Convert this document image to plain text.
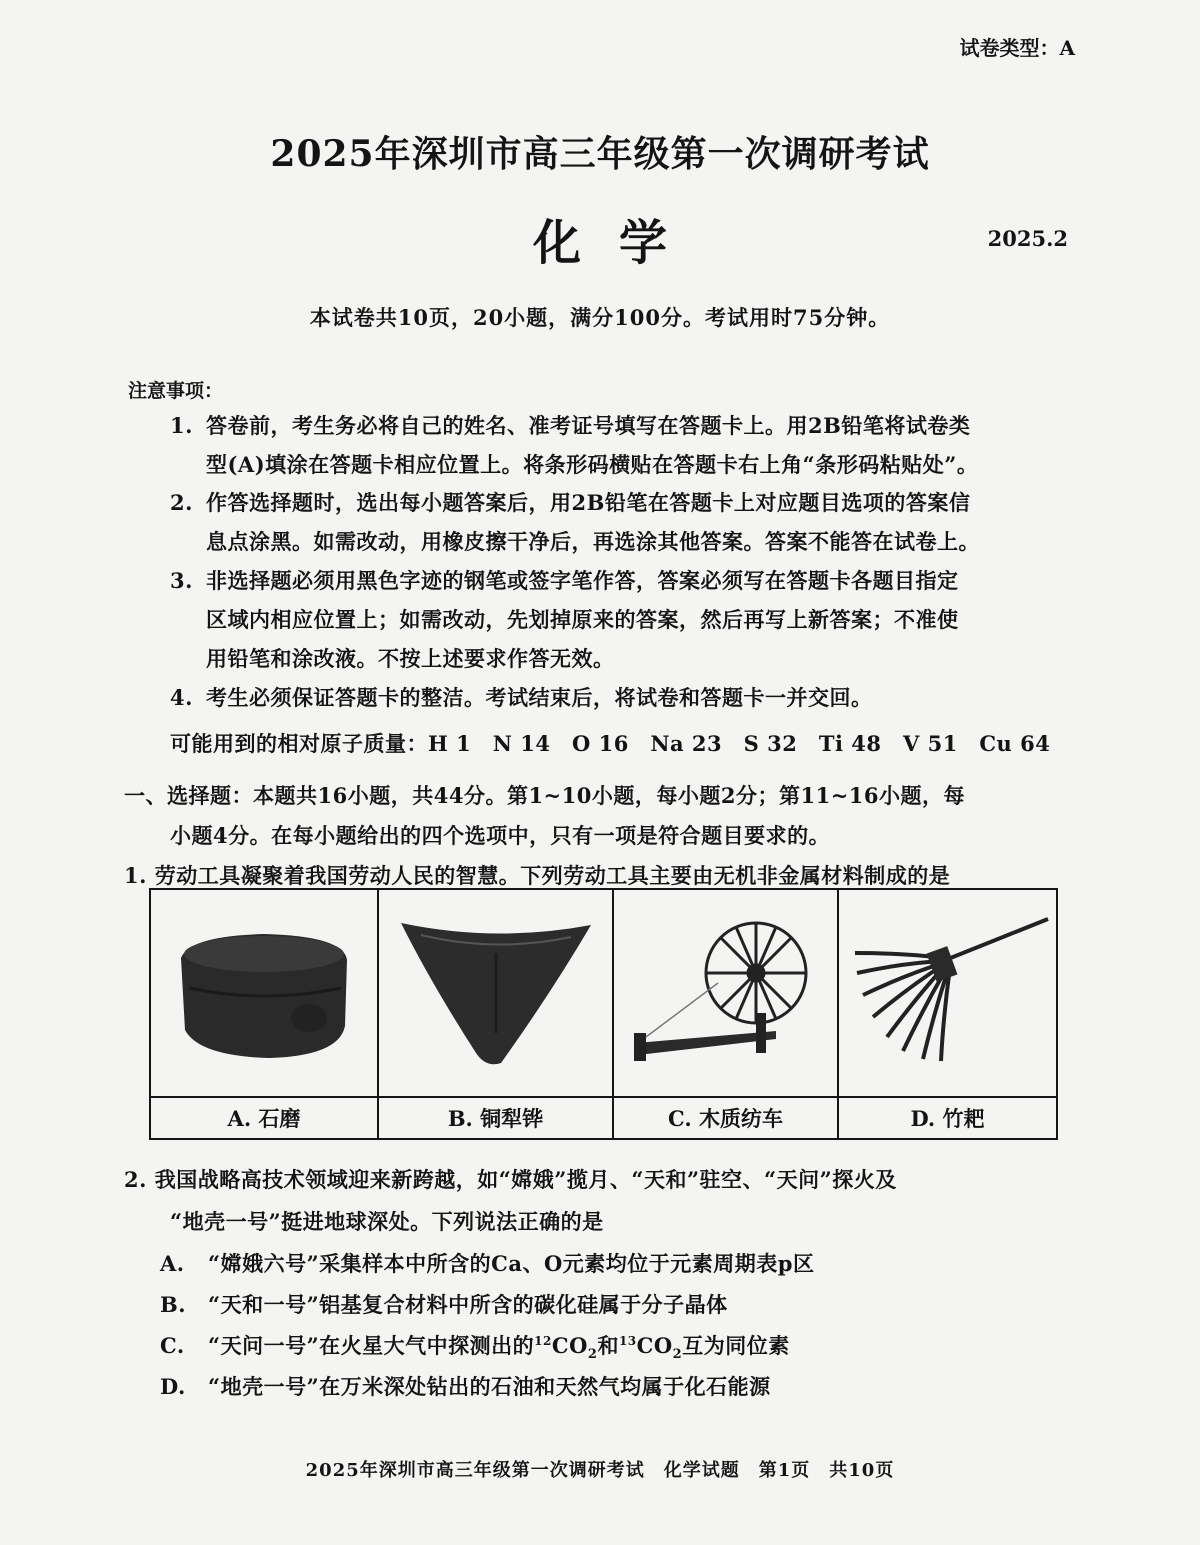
试卷类型：A
2025年深圳市高三年级第一次调研考试
化学	2025.2
本试卷共10页，20小题，满分100分。考试用时75分钟。
注意事项：
1. 答卷前，考生务必将自己的姓名、准考证号填写在答题卡上。用2B铅笔将试卷类
型(A)填涂在答题卡相应位置上。将条形码横贴在答题卡右上角“条形码粘贴处”。
2. 作答选择题时，选出每小题答案后，用2B铅笔在答题卡上对应题目选项的答案信
息点涂黑。如需改动，用橡皮擦干净后，再选涂其他答案。答案不能答在试卷上。
3. 非选择题必须用黑色字迹的钢笔或签字笔作答，答案必须写在答题卡各题目指定
区域内相应位置上；如需改动，先划掉原来的答案，然后再写上新答案；不准使
用铅笔和涂改液。不按上述要求作答无效。
4. 考生必须保证答题卡的整洁。考试结束后，将试卷和答题卡一并交回。
可能用到的相对原子质量：H 1　N 14　O 16　Na 23　S 32　Ti 48　V 51　Cu 64
一、选择题：本题共16小题，共44分。第1~10小题，每小题2分；第11~16小题，每
小题4分。在每小题给出的四个选项中，只有一项是符合题目要求的。
1. 劳动工具凝聚着我国劳动人民的智慧。下列劳动工具主要由无机非金属材料制成的是
A. 石磨	B. 铜犁铧	C. 木质纺车	D. 竹耙
2. 我国战略高技术领域迎来新跨越，如“嫦娥”揽月、“天和”驻空、“天问”探火及
“地壳一号”挺进地球深处。下列说法正确的是
A. “嫦娥六号”采集样本中所含的Ca、O元素均位于元素周期表p区
B. “天和一号”铝基复合材料中所含的碳化硅属于分子晶体
C. “天问一号”在火星大气中探测出的$^{12}CO_2$和$^{13}CO_2$互为同位素
D. “地壳一号”在万米深处钻出的石油和天然气均属于化石能源
2025年深圳市高三年级第一次调研考试　化学试题　第1页　共10页
